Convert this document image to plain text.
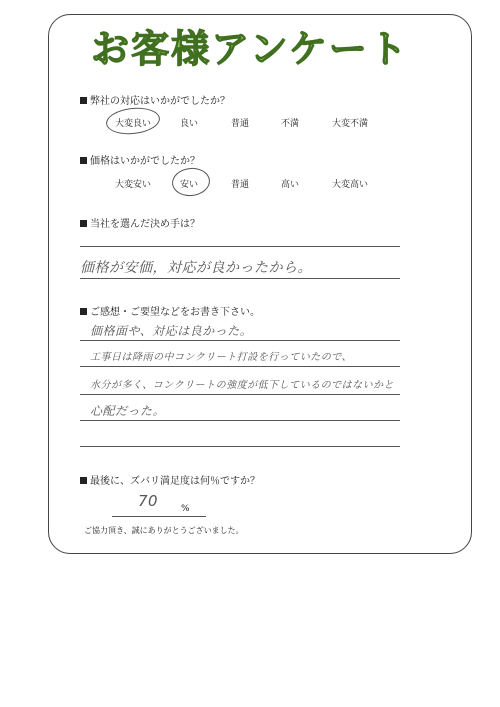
お客様アンケート
弊社の対応はいかがでしたか？
大変良い	良い	普通	不満	大変不満
価格はいかがでしたか？
大変安い	安い	普通	高い	大変高い
当社を選んだ決め手は？
価格が安価，対応が良かったから。
ご感想・ご要望などをお書き下さい。
価格面や、対応は良かった。
工事日は降雨の中コンクリート打設を行っていたので、
水分が多く、コンクリートの強度が低下しているのではないかと
心配だった。
最後に、ズバリ満足度は何％ですか？
70	%
ご協力頂き、誠にありがとうございました。
